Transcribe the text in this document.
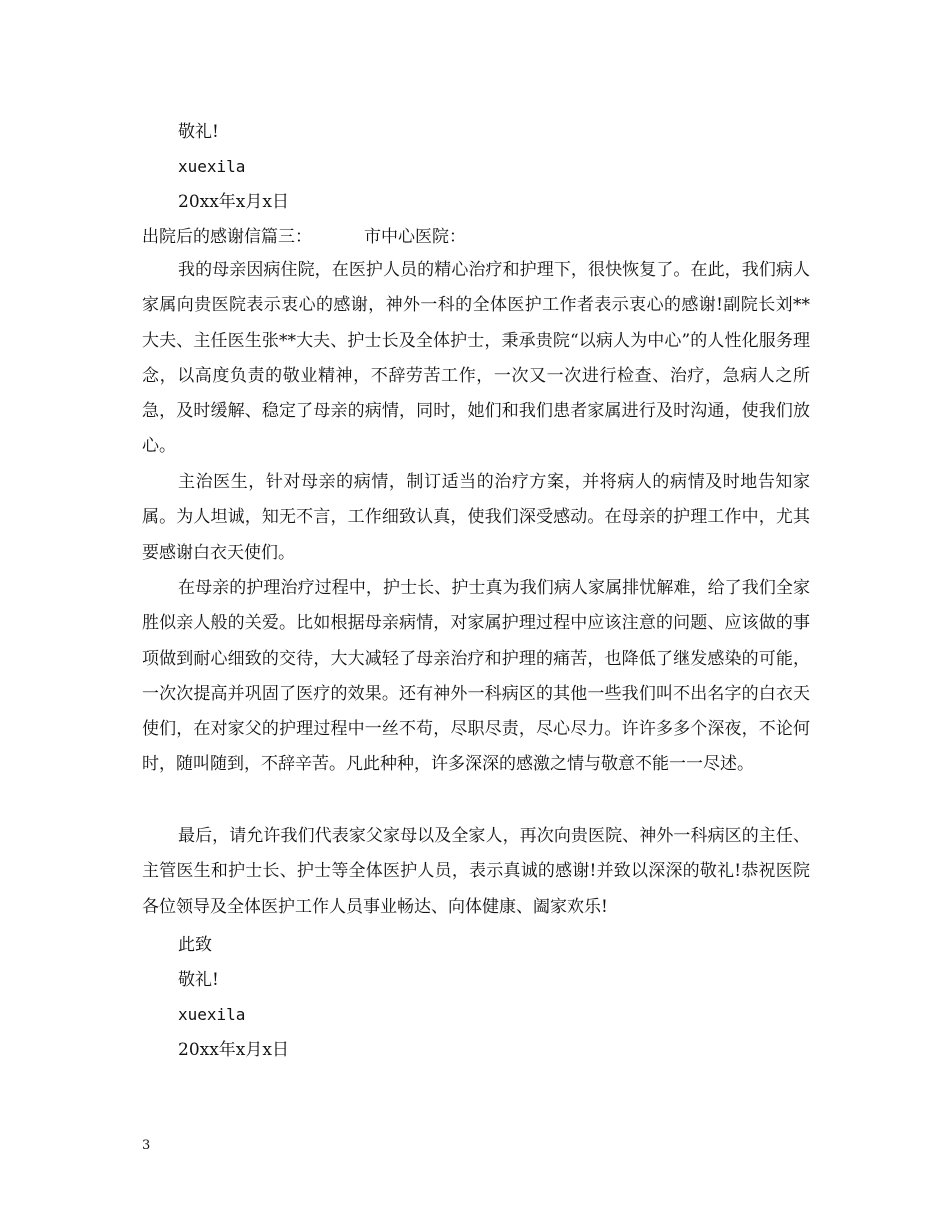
敬礼!
xuexila
20xx年x月x日
出院后的感谢信篇三：	市中心医院：

我的母亲因病住院，在医护人员的精心治疗和护理下，很快恢复了。在此，我们病人家属向贵医院表示衷心的感谢，神外一科的全体医护工作者表示衷心的感谢!副院长刘**大夫、主任医生张**大夫、护士长及全体护士，秉承贵院“以病人为中心”的人性化服务理念，以高度负责的敬业精神，不辞劳苦工作，一次又一次进行检查、治疗，急病人之所急，及时缓解、稳定了母亲的病情，同时，她们和我们患者家属进行及时沟通，使我们放心。

主治医生，针对母亲的病情，制订适当的治疗方案，并将病人的病情及时地告知家属。为人坦诚，知无不言，工作细致认真，使我们深受感动。在母亲的护理工作中，尤其要感谢白衣天使们。

在母亲的护理治疗过程中，护士长、护士真为我们病人家属排忧解难，给了我们全家胜似亲人般的关爱。比如根据母亲病情，对家属护理过程中应该注意的问题、应该做的事项做到耐心细致的交待，大大减轻了母亲治疗和护理的痛苦，也降低了继发感染的可能，一次次提高并巩固了医疗的效果。还有神外一科病区的其他一些我们叫不出名字的白衣天使们，在对家父的护理过程中一丝不苟，尽职尽责，尽心尽力。许许多多个深夜，不论何时，随叫随到，不辞辛苦。凡此种种，许多深深的感激之情与敬意不能一一尽述。

最后，请允许我们代表家父家母以及全家人，再次向贵医院、神外一科病区的主任、主管医生和护士长、护士等全体医护人员，表示真诚的感谢!并致以深深的敬礼!恭祝医院各位领导及全体医护工作人员事业畅达、向体健康、阖家欢乐!

此致
敬礼!
xuexila
20xx年x月x日
3
